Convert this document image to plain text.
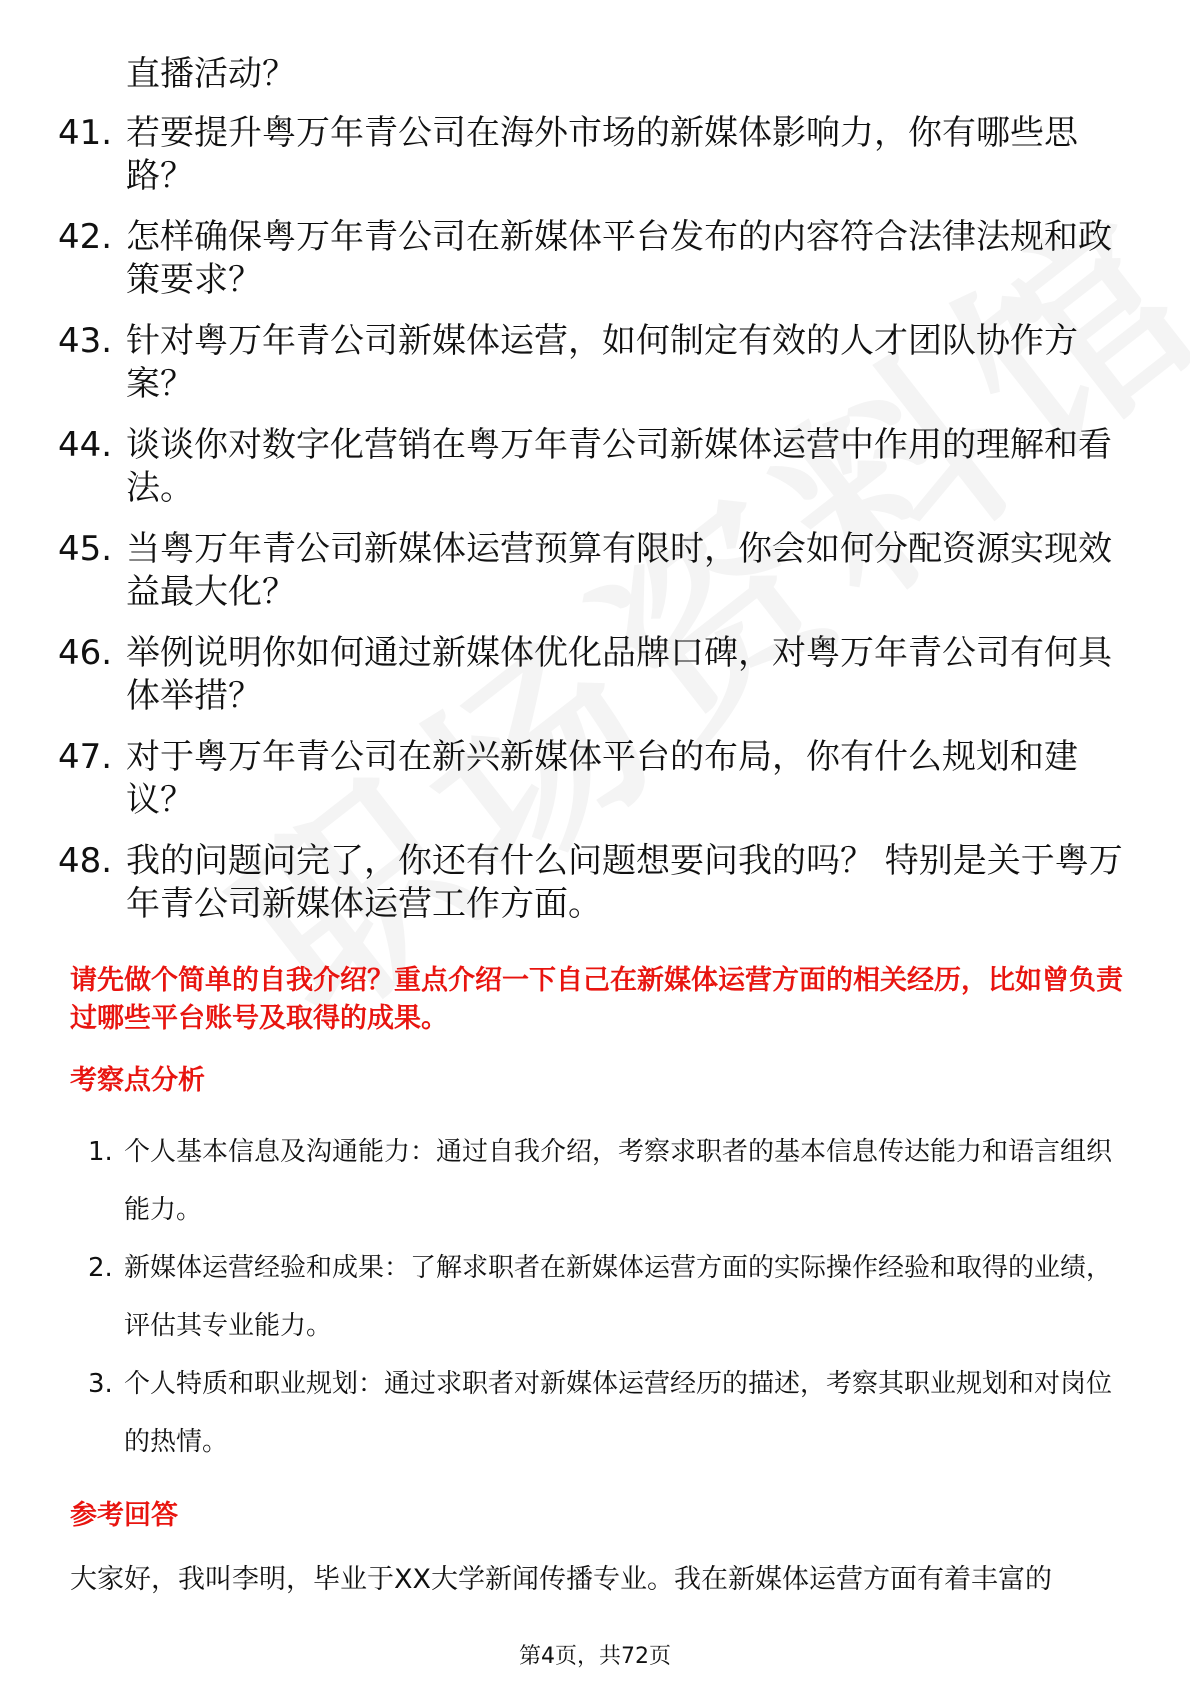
直播活动？
41. 若要提升粤万年青公司在海外市场的新媒体影响力，你有哪些思路？
42. 怎样确保粤万年青公司在新媒体平台发布的内容符合法律法规和政策要求？
43. 针对粤万年青公司新媒体运营，如何制定有效的人才团队协作方案？
44. 谈谈你对数字化营销在粤万年青公司新媒体运营中作用的理解和看法。
45. 当粤万年青公司新媒体运营预算有限时，你会如何分配资源实现效益最大化？
46. 举例说明你如何通过新媒体优化品牌口碑，对粤万年青公司有何具体举措？
47. 对于粤万年青公司在新兴新媒体平台的布局，你有什么规划和建议？
48. 我的问题问完了，你还有什么问题想要问我的吗？ 特别是关于粤万年青公司新媒体运营工作方面。
请先做个简单的自我介绍？重点介绍一下自己在新媒体运营方面的相关经历，比如曾负责过哪些平台账号及取得的成果。
考察点分析
1. 个人基本信息及沟通能力：通过自我介绍，考察求职者的基本信息传达能力和语言组织能力。
2. 新媒体运营经验和成果：了解求职者在新媒体运营方面的实际操作经验和取得的业绩，评估其专业能力。
3. 个人特质和职业规划：通过求职者对新媒体运营经历的描述，考察其职业规划和对岗位的热情。
参考回答
大家好，我叫李明，毕业于XX大学新闻传播专业。我在新媒体运营方面有着丰富的
第4页，共72页
